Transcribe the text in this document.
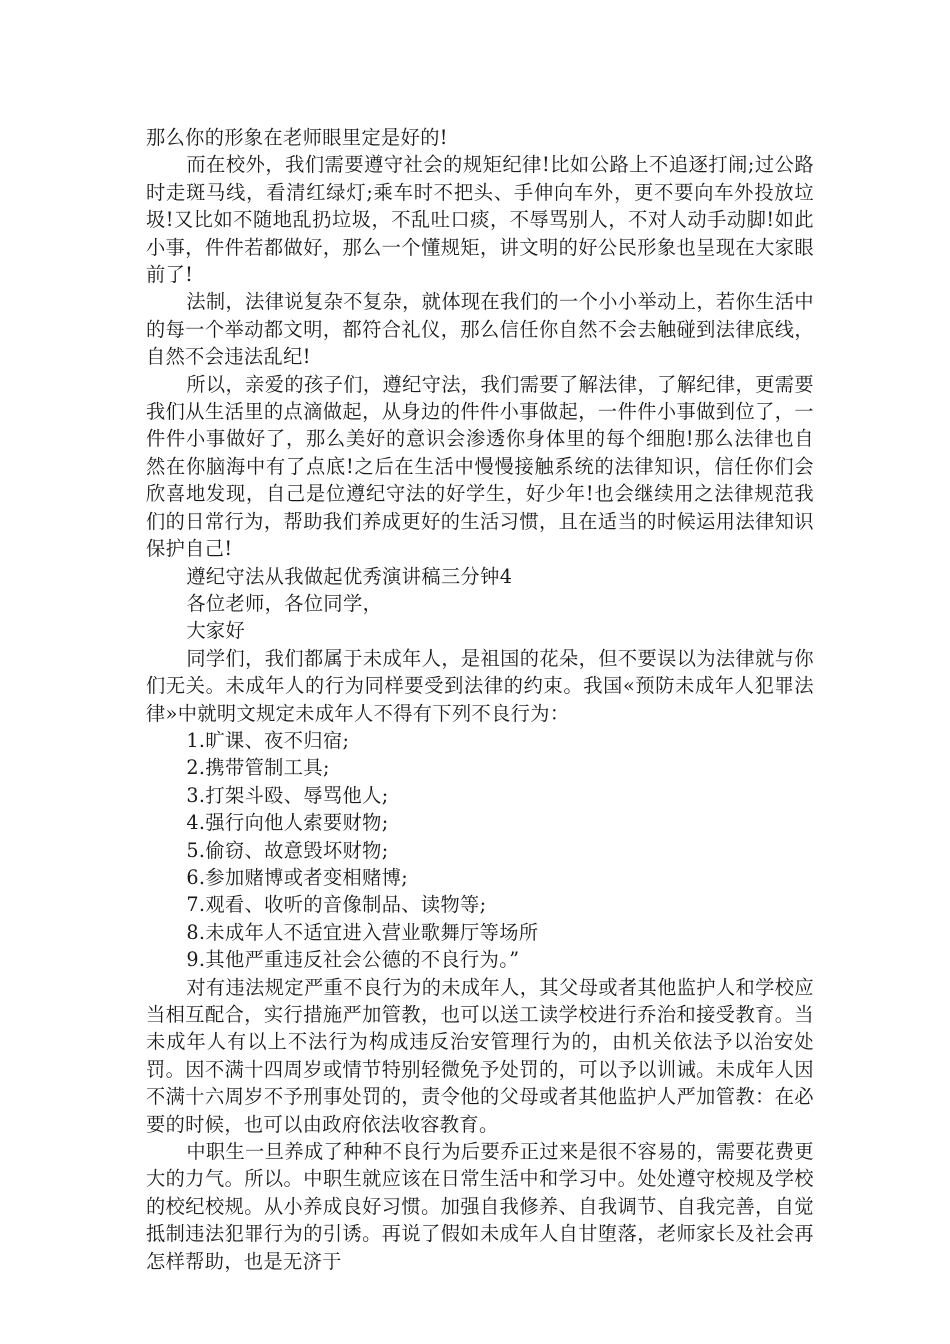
那么你的形象在老师眼里定是好的!

而在校外，我们需要遵守社会的规矩纪律!比如公路上不追逐打闹;过公路时走斑马线，看清红绿灯;乘车时不把头、手伸向车外，更不要向车外投放垃圾!又比如不随地乱扔垃圾，不乱吐口痰，不辱骂别人，不对人动手动脚!如此小事，件件若都做好，那么一个懂规矩，讲文明的好公民形象也呈现在大家眼前了!

法制，法律说复杂不复杂，就体现在我们的一个小小举动上，若你生活中的每一个举动都文明，都符合礼仪，那么信任你自然不会去触碰到法律底线，自然不会违法乱纪!

所以，亲爱的孩子们，遵纪守法，我们需要了解法律，了解纪律，更需要我们从生活里的点滴做起，从身边的件件小事做起，一件件小事做到位了，一件件小事做好了，那么美好的意识会渗透你身体里的每个细胞!那么法律也自然在你脑海中有了点底!之后在生活中慢慢接触系统的法律知识，信任你们会欣喜地发现，自己是位遵纪守法的好学生，好少年!也会继续用之法律规范我们的日常行为，帮助我们养成更好的生活习惯，且在适当的时候运用法律知识保护自己!

遵纪守法从我做起优秀演讲稿三分钟4

各位老师，各位同学，

大家好

同学们，我们都属于未成年人，是祖国的花朵，但不要误以为法律就与你们无关。未成年人的行为同样要受到法律的约束。我国«预防未成年人犯罪法律»中就明文规定未成年人不得有下列不良行为：

1.旷课、夜不归宿;
2.携带管制工具;
3.打架斗殴、辱骂他人;
4.强行向他人索要财物;
5.偷窃、故意毁坏财物;
6.参加赌博或者变相赌博;
7.观看、收听的音像制品、读物等;
8.未成年人不适宜进入营业歌舞厅等场所
9.其他严重违反社会公德的不良行为。”

对有违法规定严重不良行为的未成年人，其父母或者其他监护人和学校应当相互配合，实行措施严加管教，也可以送工读学校进行乔治和接受教育。当未成年人有以上不法行为构成违反治安管理行为的，由机关依法予以治安处罚。因不满十四周岁或情节特别轻微免予处罚的，可以予以训诫。未成年人因不满十六周岁不予刑事处罚的，责令他的父母或者其他监护人严加管教：在必要的时候，也可以由政府依法收容教育。

中职生一旦养成了种种不良行为后要乔正过来是很不容易的，需要花费更大的力气。所以。中职生就应该在日常生活中和学习中。处处遵守校规及学校的校纪校规。从小养成良好习惯。加强自我修养、自我调节、自我完善，自觉抵制违法犯罪行为的引诱。再说了假如未成年人自甘堕落，老师家长及社会再怎样帮助，也是无济于
